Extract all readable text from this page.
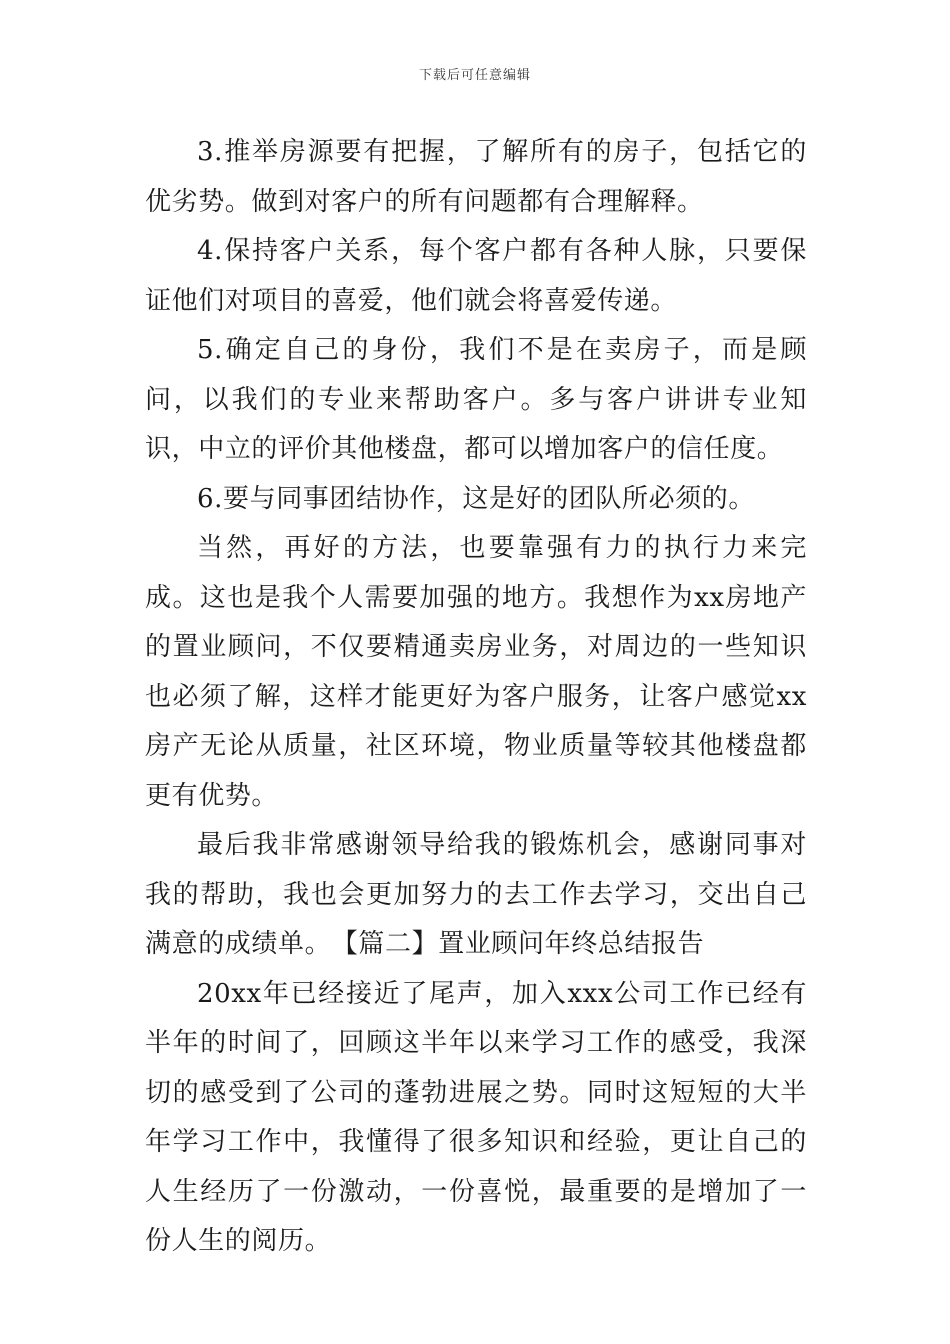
下载后可任意编辑

3.推举房源要有把握，了解所有的房子，包括它的优劣势。做到对客户的所有问题都有合理解释。

4.保持客户关系，每个客户都有各种人脉，只要保证他们对项目的喜爱，他们就会将喜爱传递。

5.确定自己的身份，我们不是在卖房子，而是顾问，以我们的专业来帮助客户。多与客户讲讲专业知识，中立的评价其他楼盘，都可以增加客户的信任度。

6.要与同事团结协作，这是好的团队所必须的。

当然，再好的方法，也要靠强有力的执行力来完成。这也是我个人需要加强的地方。我想作为xx房地产的置业顾问，不仅要精通卖房业务，对周边的一些知识也必须了解，这样才能更好为客户服务，让客户感觉xx房产无论从质量，社区环境，物业质量等较其他楼盘都更有优势。

最后我非常感谢领导给我的锻炼机会，感谢同事对我的帮助，我也会更加努力的去工作去学习，交出自己满意的成绩单。　【篇二】置业顾问年终总结报告

20xx年已经接近了尾声，加入xxx公司工作已经有半年的时间了，回顾这半年以来学习工作的感受，我深切的感受到了公司的蓬勃进展之势。同时这短短的大半年学习工作中，我懂得了很多知识和经验，更让自己的人生经历了一份激动，一份喜悦，最重要的是增加了一份人生的阅历。
